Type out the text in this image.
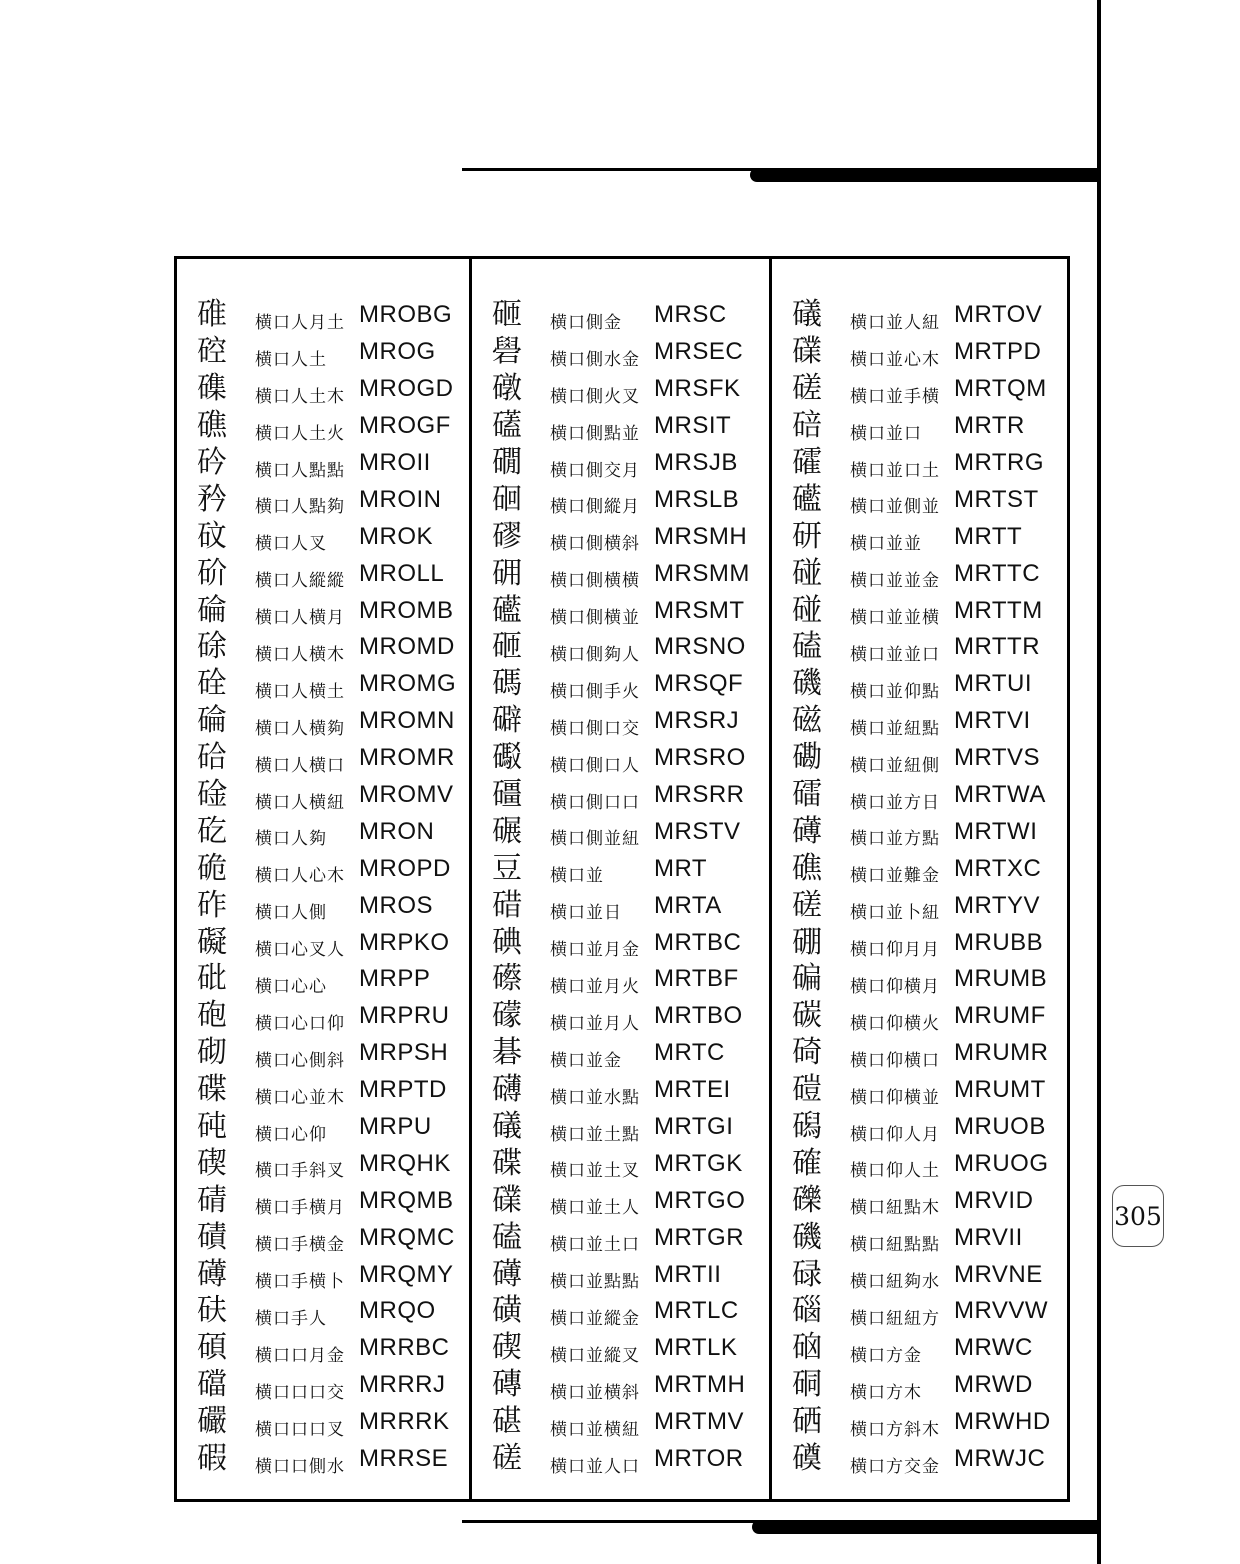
碓	横口人月土 MROBG
硿	横口人土	MROG
磼	横口人土木 MROGD
礁	横口人土火 MROGF
砛	横口人點點 MROII
矜	横口人點夠 MROIN
砇	横口人叉	MROK
砎	横口人縱縱 MROLL
碖	横口人横月 MROMB
硢	横口人横木 MROMD
硂	横口人横土 MROMG
碖	横口人横夠 MROMN
硆	横口人横口 MROMR
碒	横口人横紐 MROMV
矻	横口人夠	MRON
硊	横口人心木 MROPD
砟	横口人側	MROS
礙	横口心叉人 MRPKO
砒	横口心心	MRPP
砲	横口心口仰 MRPRU
砌	横口心側斜 MRPSH
碟	横口心並木 MRPTD
砘	横口心仰	MRPU
碶	横口手斜叉 MRQHK
碃	横口手横月 MRQMB
磧	横口手横金 MRQMC
礡	横口手横卜 MRQMY
砆	横口手人	MRQO
碩	横口口月金 MRRBC
礑	横口口口交 MRRRJ
礹	横口口口叉 MRRRK
碬	横口口側水 MRRSE
砸	横口側金	MRSC
礐	横口側水金 MRSEC
礅	横口側火叉 MRSFK
礚	横口側點並 MRSIT
礀	横口側交月 MRSJB
硘	横口側縱月 MRSLB
磟	横口側横斜 MRSMH
砽	横口側横横 MRSMM
礷	横口側横並 MRSMT
砸	横口側夠人 MRSNO
碼	横口側手火 MRSQF
礔	横口側口交 MRSRJ
礟	横口側口人 MRSRO
礓	横口側口口 MRSRR
碾	横口側並紐 MRSTV
豆	横口並	MRT
碏	横口並日	MRTA
碘	横口並月金 MRTBC
礤	横口並月火 MRTBF
礞	横口並月人 MRTBO
碁	横口並金	MRTC
礴	横口並水點 MRTEI
礒	横口並土點 MRTGI
碟	横口並土叉 MRTGK
礏	横口並土人 MRTGO
磕	横口並土口 MRTGR
礡	横口並點點 MRTII
磺	横口並縱金 MRTLC
碶	横口並縱叉 MRTLK
磚	横口並横斜 MRTMH
碪	横口並横紐 MRTMV
磋	横口並人口 MRTOR
礒	横口並人紐 MRTOV
礏	横口並心木 MRTPD
磋	横口並手横 MRTQM
碚	横口並口	MRTR
礭	横口並口土 MRTRG
礷	横口並側並 MRTST
研	横口並並	MRTT
碰	横口並並金 MRTTC
碰	横口並並横 MRTTM
磕	横口並並口 MRTTR
磯	横口並仰點 MRTUI
磁	横口並紐點 MRTVI
磡	横口並紐側 MRTVS
礌	横口並方日 MRTWA
礡	横口並方點 MRTWI
礁	横口並難金 MRTXC
磋	横口並卜紐 MRTYV
硼	横口仰月月 MRUBB
碥	横口仰横月 MRUMB
碳	横口仰横火 MRUMF
碕	横口仰横口 MRUMR
磑	横口仰横並 MRUMT
磶	横口仰人月 MRUOB
確	横口仰人土 MRUOG
礫	横口紐點木 MRVID
磯	横口紐點點 MRVII
碌	横口紐夠水 MRVNE
碯	横口紐紐方 MRVVW
硇	横口方金	MRWC
硐	横口方木	MRWD
硒	横口方斜木 MRWHD
磸	横口方交金 MRWJC
305
